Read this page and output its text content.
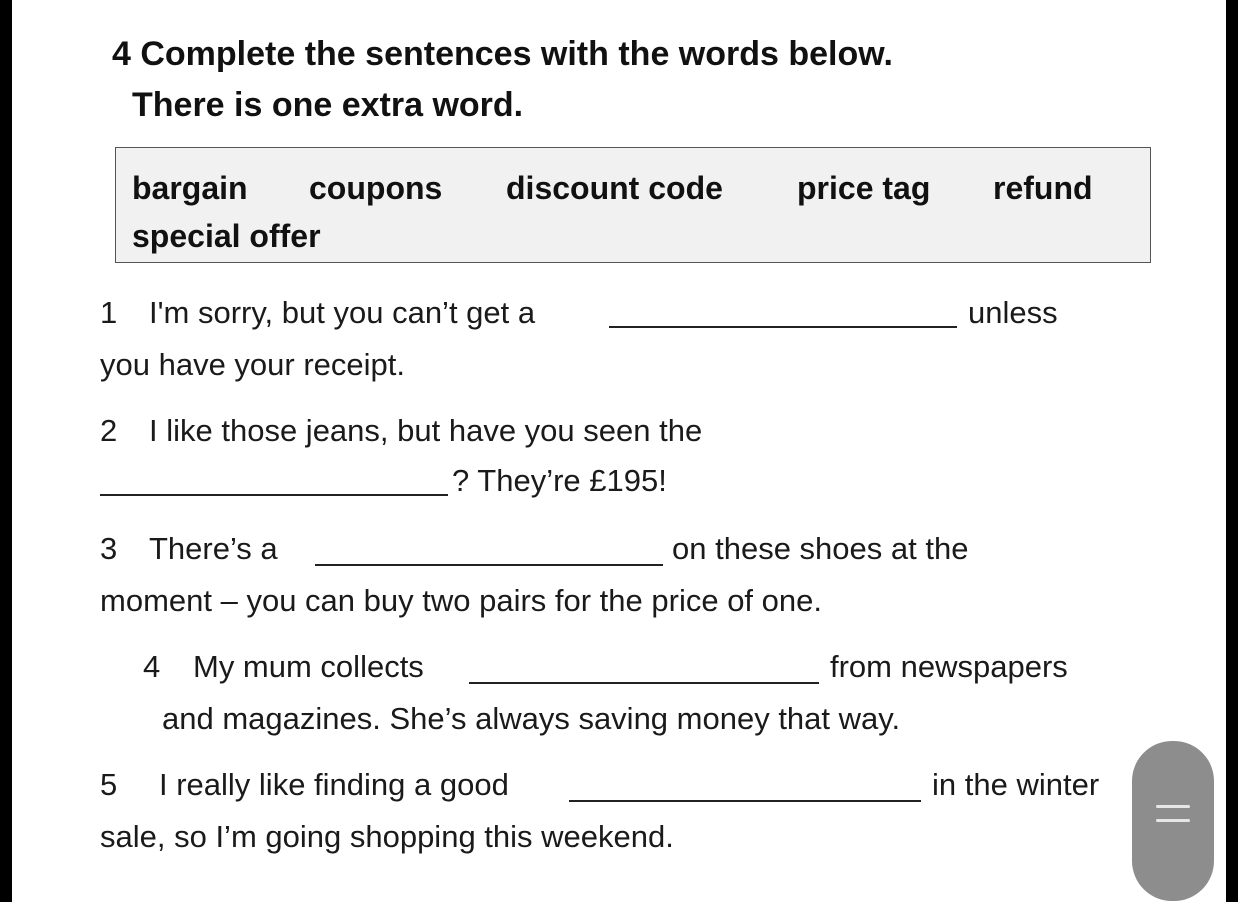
4 Complete the sentences with the words below.
There is one extra word.
bargain coupons discount code price tag refund
special offer
1 I'm sorry, but you can’t get a	unless
you have your receipt.
2 I like those jeans, but have you seen the
? They’re £195!
3 There’s a	on these shoes at the
moment – you can buy two pairs for the price of one.
4 My mum collects	from newspapers
and magazines. She’s always saving money that way.
5 I really like finding a good	in the winter
sale, so I’m going shopping this weekend.
